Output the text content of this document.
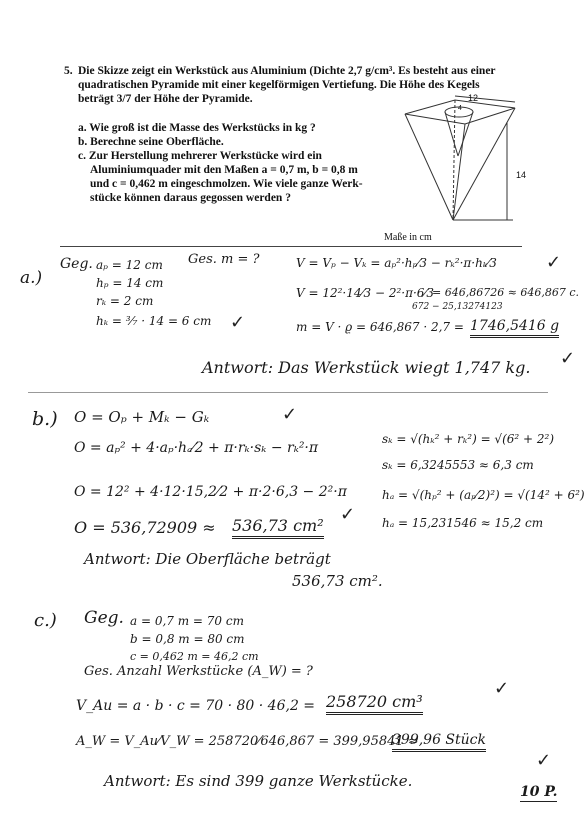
5. Die Skizze zeigt ein Werkstück aus Aluminium (Dichte 2,7 g/cm³. Es besteht aus einer
quadratischen Pyramide mit einer kegelförmigen Vertiefung. Die Höhe des Kegels
beträgt 3/7 der Höhe der Pyramide.
a. Wie groß ist die Masse des Werkstücks in kg ?
b. Berechne seine Oberfläche.
c. Zur Herstellung mehrerer Werkstücke wird ein
Aluminiumquader mit den Maßen a = 0,7 m, b = 0,8 m
und c = 0,462 m eingeschmolzen. Wie viele ganze Werk-
stücke können daraus gegossen werden ?
12
4
14
Maße in cm
a.)
Geg. aₚ = 12 cm
hₚ = 14 cm
rₖ = 2 cm
hₖ = ³⁄₇ · 14 = 6 cm ✓
Ges. m = ?	V = Vₚ − Vₖ = aₚ²·hₚ⁄3 − rₖ²·π·hₖ⁄3	✓
V = 12²·14⁄3 − 2²·π·6⁄3
= 646,86726 ≈ 646,867 c.
672 − 25,13274123
m = V · ϱ = 646,867 · 2,7 = 1746,5416 g
Antwort: Das Werkstück wiegt 1,747 kg. ✓
b.) O = Oₚ + Mₖ − Gₖ	✓
O = aₚ² + 4·aₚ·hₐ⁄2 + π·rₖ·sₖ − rₖ²·π
O = 12² + 4·12·15,2⁄2 + π·2·6,3 − 2²·π
O = 536,72909 ≈ 536,73 cm²
✓
sₖ = √(hₖ² + rₖ²) = √(6² + 2²)
sₖ = 6,3245553 ≈ 6,3 cm
hₐ = √(hₚ² + (aₚ⁄2)²) = √(14² + 6²)
hₐ = 15,231546 ≈ 15,2 cm
Antwort: Die Oberfläche beträgt
536,73 cm².
c.) Geg. a = 0,7 m = 70 cm
b = 0,8 m = 80 cm
c = 0,462 m = 46,2 cm
Ges. Anzahl Werkstücke (A_W) = ?
V_Au = a · b · c = 70 · 80 · 46,2 = 258720 cm³
✓
A_W = V_Au⁄V_W = 258720⁄646,867 = 399,95841 ≈
399,96 Stück
✓
Antwort: Es sind 399 ganze Werkstücke.
10 P.
